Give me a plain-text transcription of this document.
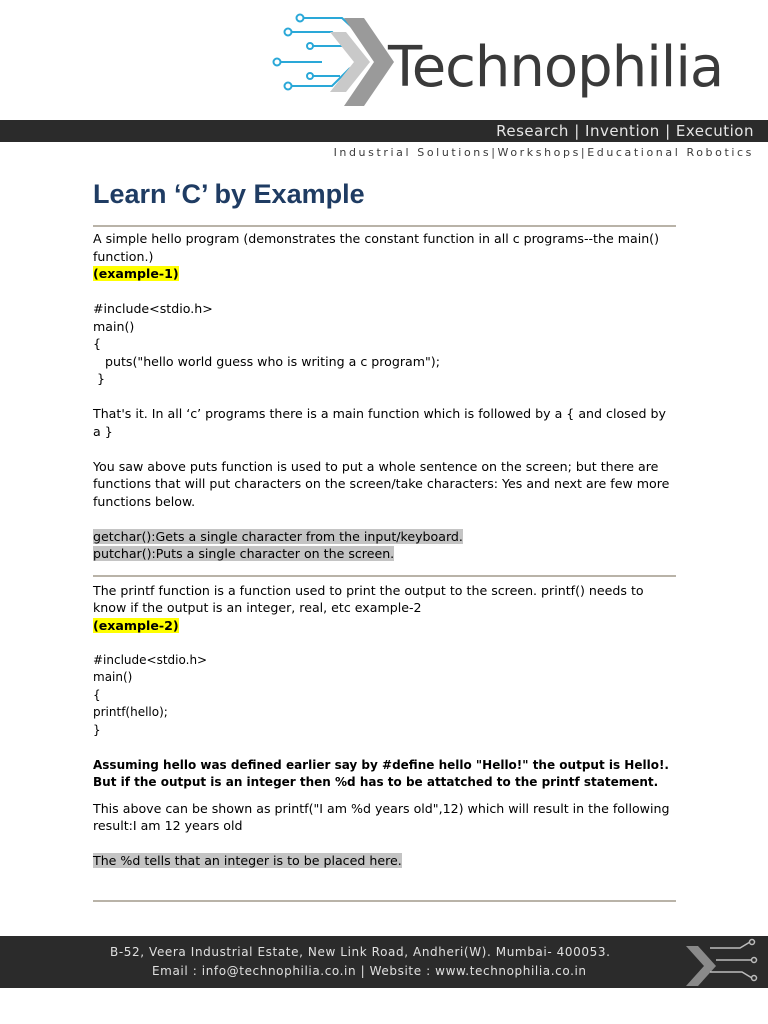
Technophilia
Research | Invention | Execution
Industrial Solutions|Workshops|Educational Robotics
Learn ‘C’ by Example

A simple hello program (demonstrates the constant function in all c programs--the main() function.)

(example-1)

#include<stdio.h>

main()

{

puts("hello world guess who is writing a c program");

}

That's it. In all ‘c’ programs there is a main function which is followed by a { and closed by a }

You saw above puts function is used to put a whole sentence on the screen; but there are functions that will put characters on the screen/take characters: Yes and next are few more functions below.

getchar():Gets a single character from the input/keyboard.

putchar():Puts a single character on the screen.

The printf function is a function used to print the output to the screen. printf() needs to know if the output is an integer, real, etc example-2

(example-2)

#include<stdio.h>

main()

{

printf(hello);

}

Assuming hello was defined earlier say by #define hello "Hello!" the output is Hello!. But if the output is an integer then %d has to be attatched to the printf statement.

This above can be shown as printf("I am %d years old",12) which will result in the following result:I am 12 years old

The %d tells that an integer is to be placed here.

B-52, Veera Industrial Estate, New Link Road, Andheri(W). Mumbai- 400053.
Email : info@technophilia.co.in | Website : www.technophilia.co.in
